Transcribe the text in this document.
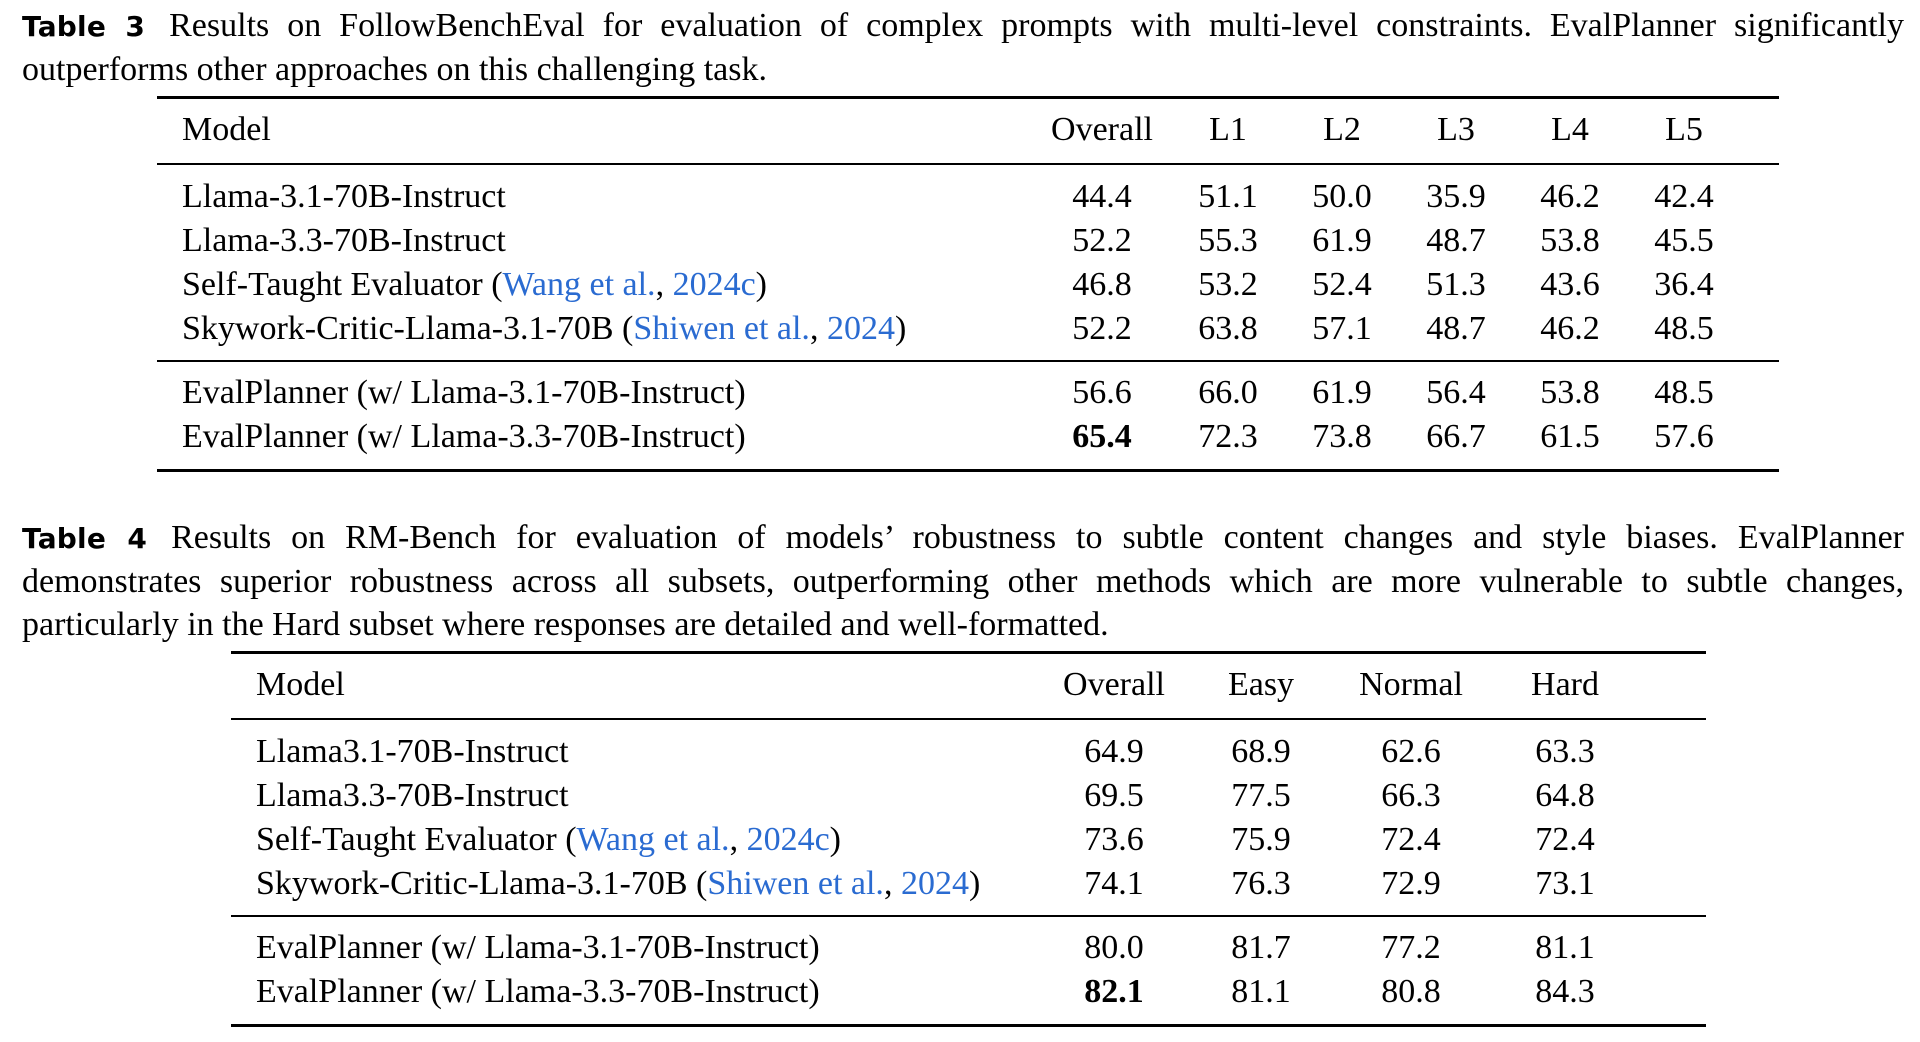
Table 3 Results on FollowBenchEval for evaluation of complex prompts with multi-level constraints. EvalPlanner significantly outperforms other approaches on this challenging task.
Model	Overall	L1	L2	L3	L4	L5
Llama-3.1-70B-Instruct	44.4	51.1	50.0	35.9	46.2	42.4
Llama-3.3-70B-Instruct	52.2	55.3	61.9	48.7	53.8	45.5
Self-Taught Evaluator (Wang et al., 2024c)	46.8	53.2	52.4	51.3	43.6	36.4
Skywork-Critic-Llama-3.1-70B (Shiwen et al., 2024)	52.2	63.8	57.1	48.7	46.2	48.5
EvalPlanner (w/ Llama-3.1-70B-Instruct)	56.6	66.0	61.9	56.4	53.8	48.5
EvalPlanner (w/ Llama-3.3-70B-Instruct)	65.4	72.3	73.8	66.7	61.5	57.6
Table 4 Results on RM-Bench for evaluation of models’ robustness to subtle content changes and style biases. EvalPlanner demonstrates superior robustness across all subsets, outperforming other methods which are more vulnerable to subtle changes, particularly in the Hard subset where responses are detailed and well-formatted.
Model	Overall	Easy	Normal	Hard
Llama3.1-70B-Instruct	64.9	68.9	62.6	63.3
Llama3.3-70B-Instruct	69.5	77.5	66.3	64.8
Self-Taught Evaluator (Wang et al., 2024c)	73.6	75.9	72.4	72.4
Skywork-Critic-Llama-3.1-70B (Shiwen et al., 2024)	74.1	76.3	72.9	73.1
EvalPlanner (w/ Llama-3.1-70B-Instruct)	80.0	81.7	77.2	81.1
EvalPlanner (w/ Llama-3.3-70B-Instruct)	82.1	81.1	80.8	84.3
